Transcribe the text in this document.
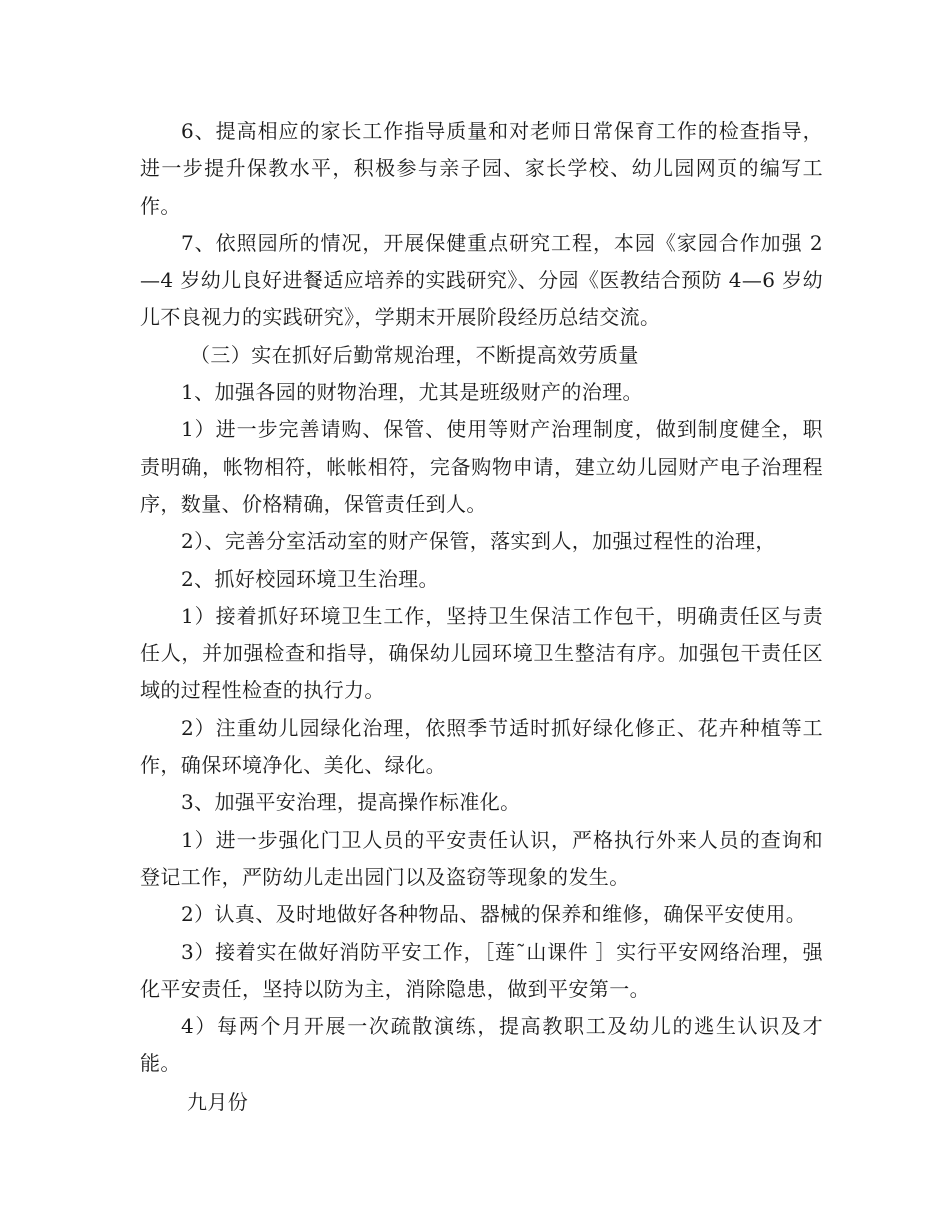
6、提高相应的家长工作指导质量和对老师日常保育工作的检查指导，进一步提升保教水平，积极参与亲子园、家长学校、幼儿园网页的编写工作。

7、依照园所的情况，开展保健重点研究工程，本园《家园合作加强 2—4 岁幼儿良好进餐适应培养的实践研究》、分园《医教结合预防 4—6 岁幼儿不良视力的实践研究》，学期末开展阶段经历总结交流。

（三）实在抓好后勤常规治理，不断提高效劳质量

1、加强各园的财物治理，尤其是班级财产的治理。

1）进一步完善请购、保管、使用等财产治理制度，做到制度健全，职责明确，帐物相符，帐帐相符，完备购物申请，建立幼儿园财产电子治理程序，数量、价格精确，保管责任到人。

2）、完善分室活动室的财产保管，落实到人，加强过程性的治理，

2、抓好校园环境卫生治理。

1）接着抓好环境卫生工作，坚持卫生保洁工作包干，明确责任区与责任人，并加强检查和指导，确保幼儿园环境卫生整洁有序。加强包干责任区域的过程性检查的执行力。

2）注重幼儿园绿化治理，依照季节适时抓好绿化修正、花卉种植等工作，确保环境净化、美化、绿化。

3、加强平安治理，提高操作标准化。

1）进一步强化门卫人员的平安责任认识，严格执行外来人员的查询和登记工作，严防幼儿走出园门以及盗窃等现象的发生。

2）认真、及时地做好各种物品、器械的保养和维修，确保平安使用。

3）接着实在做好消防平安工作，［莲˜山课件 ］实行平安网络治理，强化平安责任，坚持以防为主，消除隐患，做到平安第一。

4）每两个月开展一次疏散演练，提高教职工及幼儿的逃生认识及才能。

九月份
